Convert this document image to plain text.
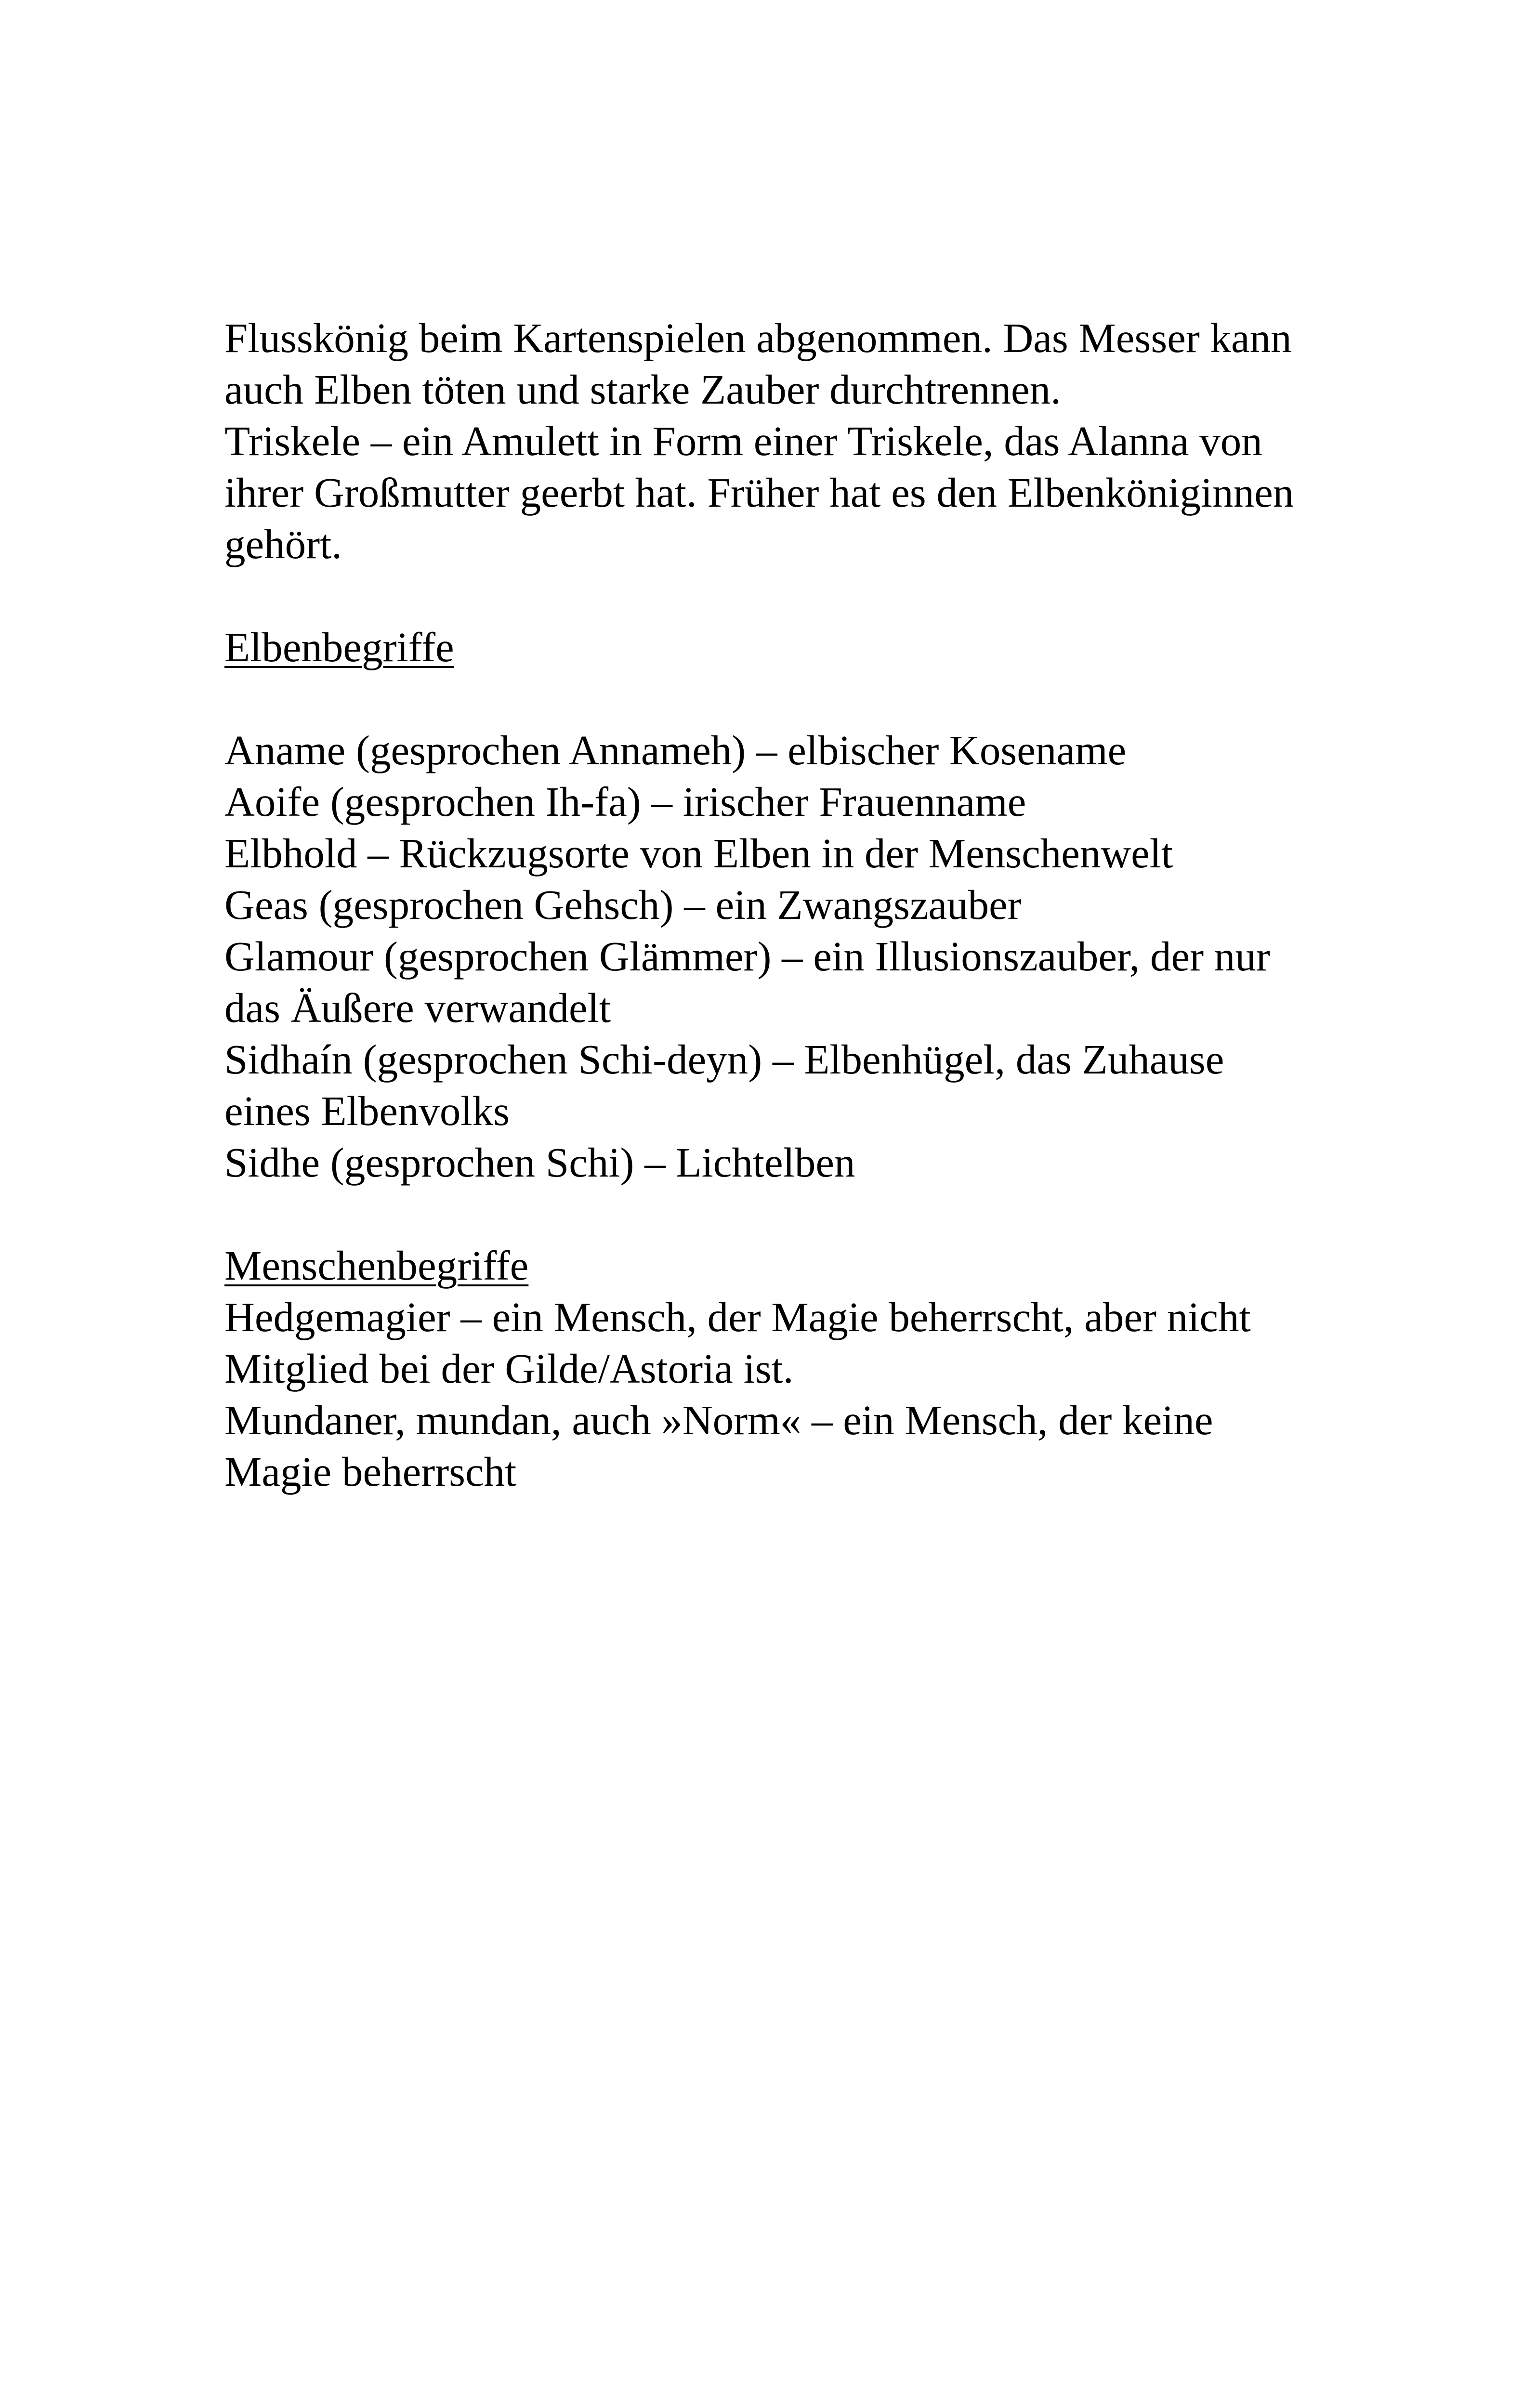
Flusskönig beim Kartenspielen abgenommen. Das Messer kann
auch Elben töten und starke Zauber durchtrennen.
Triskele – ein Amulett in Form einer Triskele, das Alanna von
ihrer Großmutter geerbt hat. Früher hat es den Elbenköniginnen
gehört.
Elbenbegriffe
Aname (gesprochen Annameh) – elbischer Kosename
Aoife (gesprochen Ih-fa) – irischer Frauenname
Elbhold – Rückzugsorte von Elben in der Menschenwelt
Geas (gesprochen Gehsch) – ein Zwangszauber
Glamour (gesprochen Glämmer) – ein Illusionszauber, der nur
das Äußere verwandelt
Sidhaín (gesprochen Schi-deyn) – Elbenhügel, das Zuhause
eines Elbenvolks
Sidhe (gesprochen Schi) – Lichtelben
Menschenbegriffe
Hedgemagier – ein Mensch, der Magie beherrscht, aber nicht
Mitglied bei der Gilde/Astoria ist.
Mundaner, mundan, auch »Norm« – ein Mensch, der keine
Magie beherrscht
